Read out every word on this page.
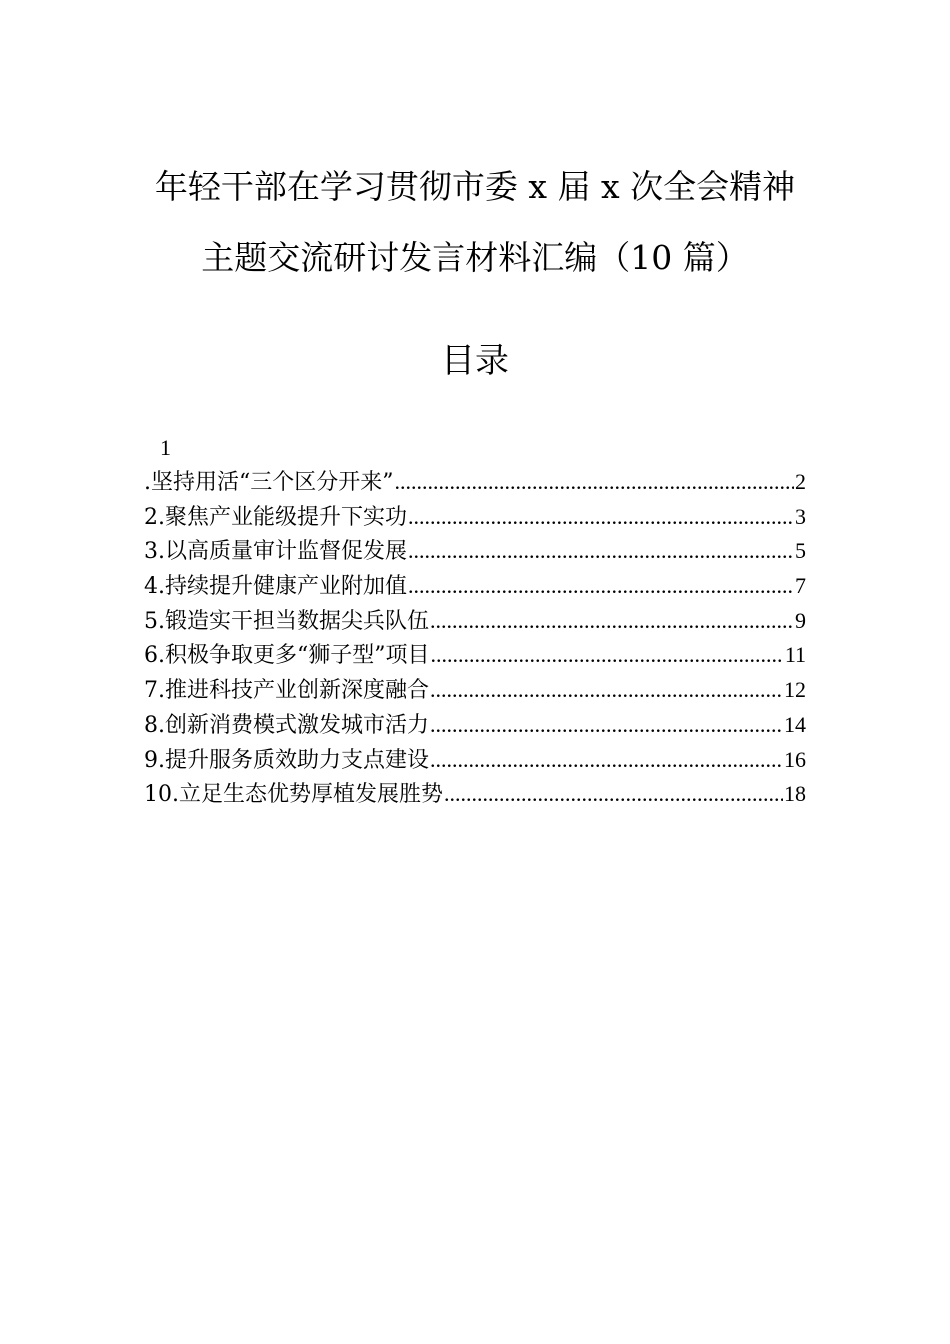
年轻干部在学习贯彻市委 x 届 x 次全会精神
主题交流研讨发言材料汇编（10 篇）
目录
1
.坚持用活“三个区分开来” .....	2
2.聚焦产业能级提升下实功 .....	3
3.以高质量审计监督促发展 .....	5
4.持续提升健康产业附加值 .....	7
5.锻造实干担当数据尖兵队伍 .....	9
6.积极争取更多“狮子型”项目 .....	11
7.推进科技产业创新深度融合 .....	12
8.创新消费模式激发城市活力 .....	14
9.提升服务质效助力支点建设 .....	16
10.立足生态优势厚植发展胜势 .....	18
